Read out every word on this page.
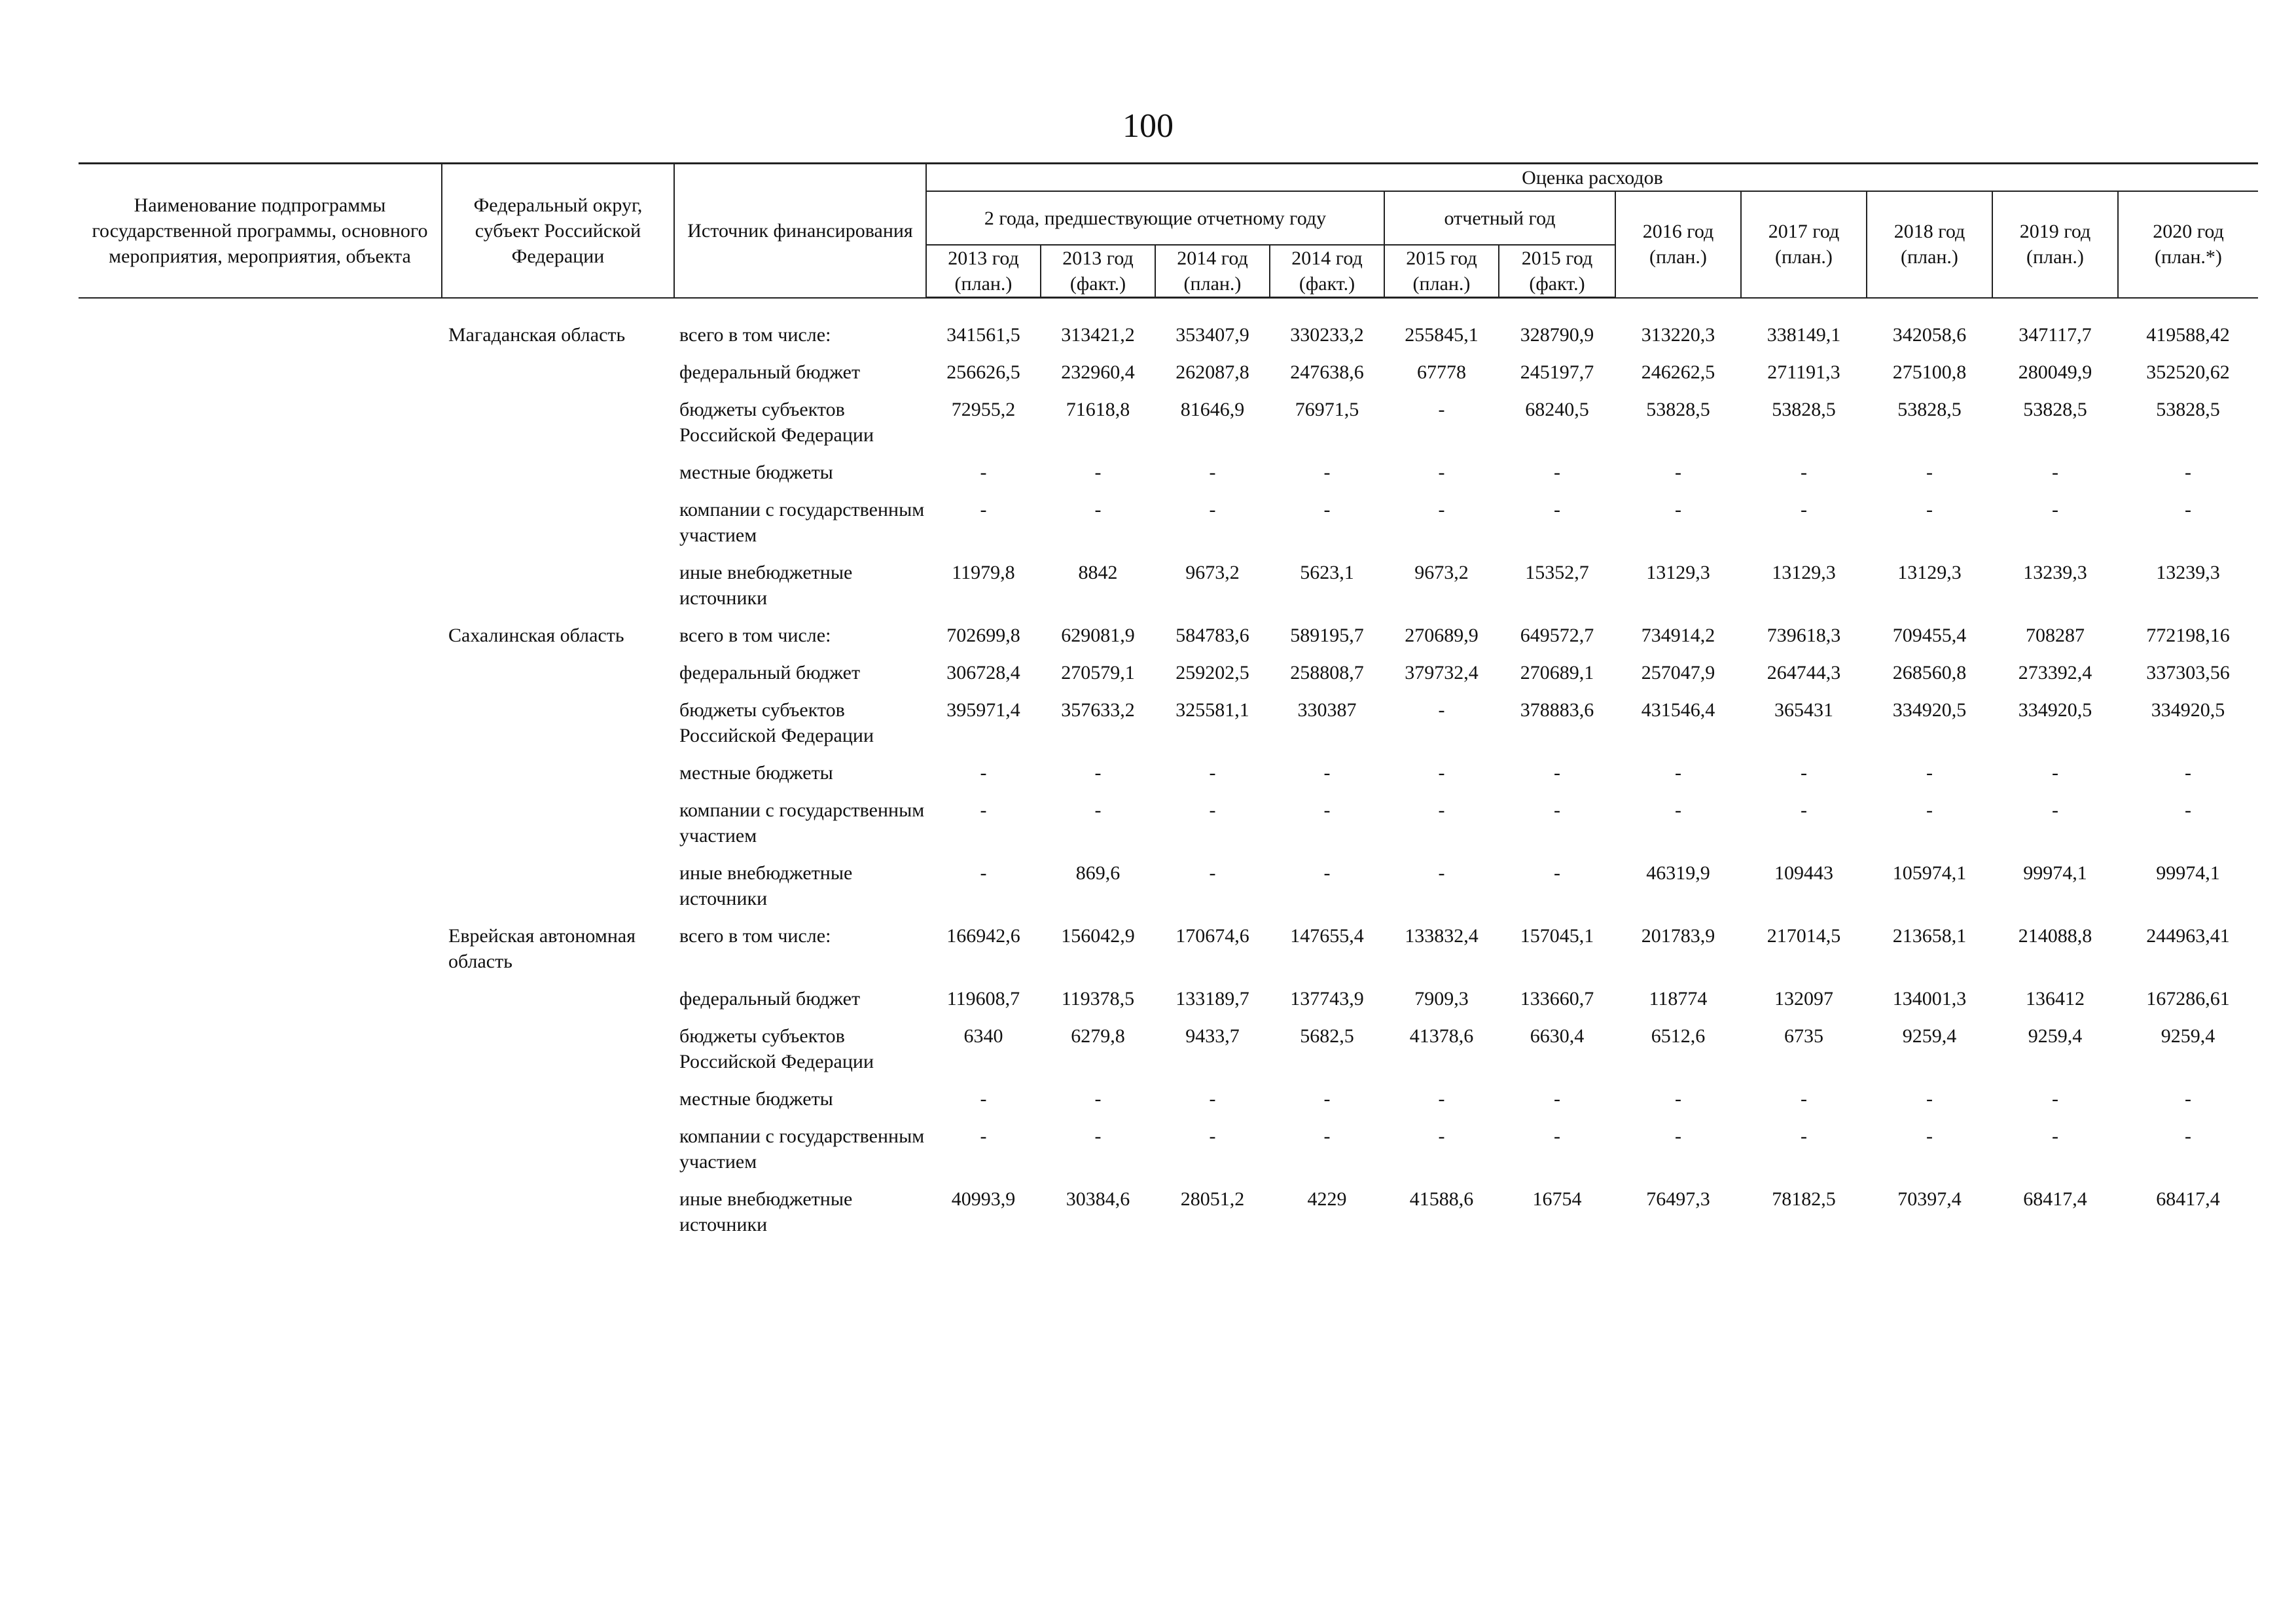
100
Наименование подпрограммы государственной программы, основного мероприятия, мероприятия, объекта	Федеральный округ, субъект Российской Федерации	Источник финансирования	Оценка расходов										
			2 года, предшествующие отчетному году				отчетный год		2016 год (план.)	2017 год (план.)	2018 год (план.)	2019 год (план.)	2020 год (план.*)
			2013 год (план.)	2013 год (факт.)	2014 год (план.)	2014 год (факт.)	2015 год (план.)	2015 год (факт.)					

	Магаданская область	всего в том числе:	341561,5	313421,2	353407,9	330233,2	255845,1	328790,9	313220,3	338149,1	342058,6	347117,7	419588,42
		федеральный бюджет	256626,5	232960,4	262087,8	247638,6	67778	245197,7	246262,5	271191,3	275100,8	280049,9	352520,62
		бюджеты субъектов Российской Федерации	72955,2	71618,8	81646,9	76971,5	-	68240,5	53828,5	53828,5	53828,5	53828,5	53828,5
		местные бюджеты	-	-	-	-	-	-	-	-	-	-	-
		компании с государственным участием	-	-	-	-	-	-	-	-	-	-	-
		иные внебюджетные источники	11979,8	8842	9673,2	5623,1	9673,2	15352,7	13129,3	13129,3	13129,3	13239,3	13239,3
	Сахалинская область	всего в том числе:	702699,8	629081,9	584783,6	589195,7	270689,9	649572,7	734914,2	739618,3	709455,4	708287	772198,16
		федеральный бюджет	306728,4	270579,1	259202,5	258808,7	379732,4	270689,1	257047,9	264744,3	268560,8	273392,4	337303,56
		бюджеты субъектов Российской Федерации	395971,4	357633,2	325581,1	330387	-	378883,6	431546,4	365431	334920,5	334920,5	334920,5
		местные бюджеты	-	-	-	-	-	-	-	-	-	-	-
		компании с государственным участием	-	-	-	-	-	-	-	-	-	-	-
		иные внебюджетные источники	-	869,6	-	-	-	-	46319,9	109443	105974,1	99974,1	99974,1
	Еврейская автономная область	всего в том числе:	166942,6	156042,9	170674,6	147655,4	133832,4	157045,1	201783,9	217014,5	213658,1	214088,8	244963,41
		федеральный бюджет	119608,7	119378,5	133189,7	137743,9	7909,3	133660,7	118774	132097	134001,3	136412	167286,61
		бюджеты субъектов Российской Федерации	6340	6279,8	9433,7	5682,5	41378,6	6630,4	6512,6	6735	9259,4	9259,4	9259,4
		местные бюджеты	-	-	-	-	-	-	-	-	-	-	-
		компании с государственным участием	-	-	-	-	-	-	-	-	-	-	-
		иные внебюджетные источники	40993,9	30384,6	28051,2	4229	41588,6	16754	76497,3	78182,5	70397,4	68417,4	68417,4
